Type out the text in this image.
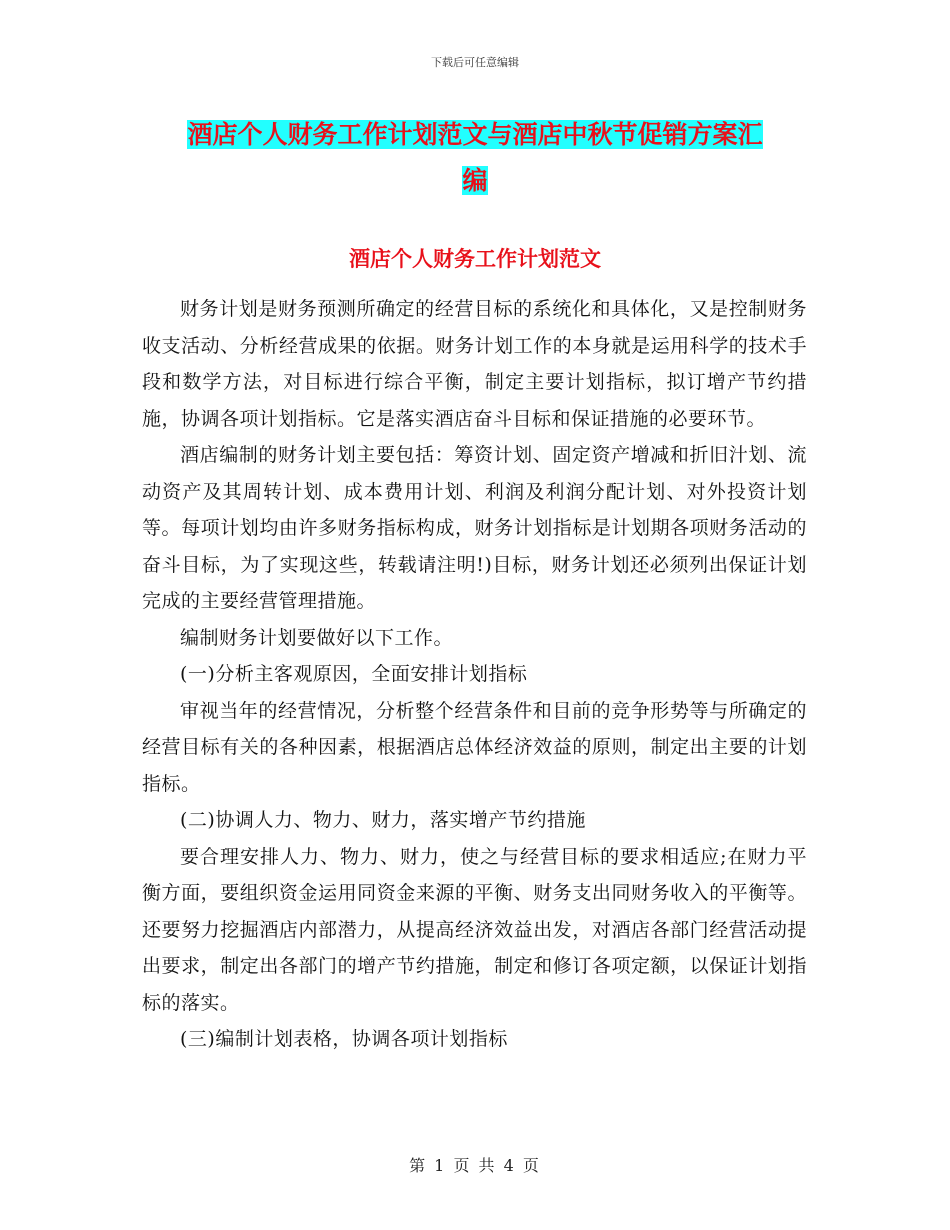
下载后可任意编辑
酒店个人财务工作计划范文与酒店中秋节促销方案汇
编
酒店个人财务工作计划范文

财务计划是财务预测所确定的经营目标的系统化和具体化，又是控制财务收支活动、分析经营成果的依据。财务计划工作的本身就是运用科学的技术手段和数学方法，对目标进行综合平衡，制定主要计划指标，拟订增产节约措施，协调各项计划指标。它是落实酒店奋斗目标和保证措施的必要环节。

酒店编制的财务计划主要包括：筹资计划、固定资产增减和折旧汁划、流动资产及其周转计划、成本费用计划、利润及利润分配计划、对外投资计划等。每项计划均由许多财务指标构成，财务计划指标是计划期各项财务活动的奋斗目标，为了实现这些，转载请注明!)目标，财务计划还必须列出保证计划完成的主要经营管理措施。

编制财务计划要做好以下工作。

(一)分析主客观原因，全面安排计划指标

审视当年的经营情况，分析整个经营条件和目前的竞争形势等与所确定的经营目标有关的各种因素，根据酒店总体经济效益的原则，制定出主要的计划指标。

(二)协调人力、物力、财力，落实增产节约措施

要合理安排人力、物力、财力，使之与经营目标的要求相适应;在财力平衡方面，要组织资金运用同资金来源的平衡、财务支出同财务收入的平衡等。还要努力挖掘酒店内部潜力，从提高经济效益出发，对酒店各部门经营活动提出要求，制定出各部门的增产节约措施，制定和修订各项定额，以保证计划指标的落实。

(三)编制计划表格，协调各项计划指标

第 1 页 共 4 页
